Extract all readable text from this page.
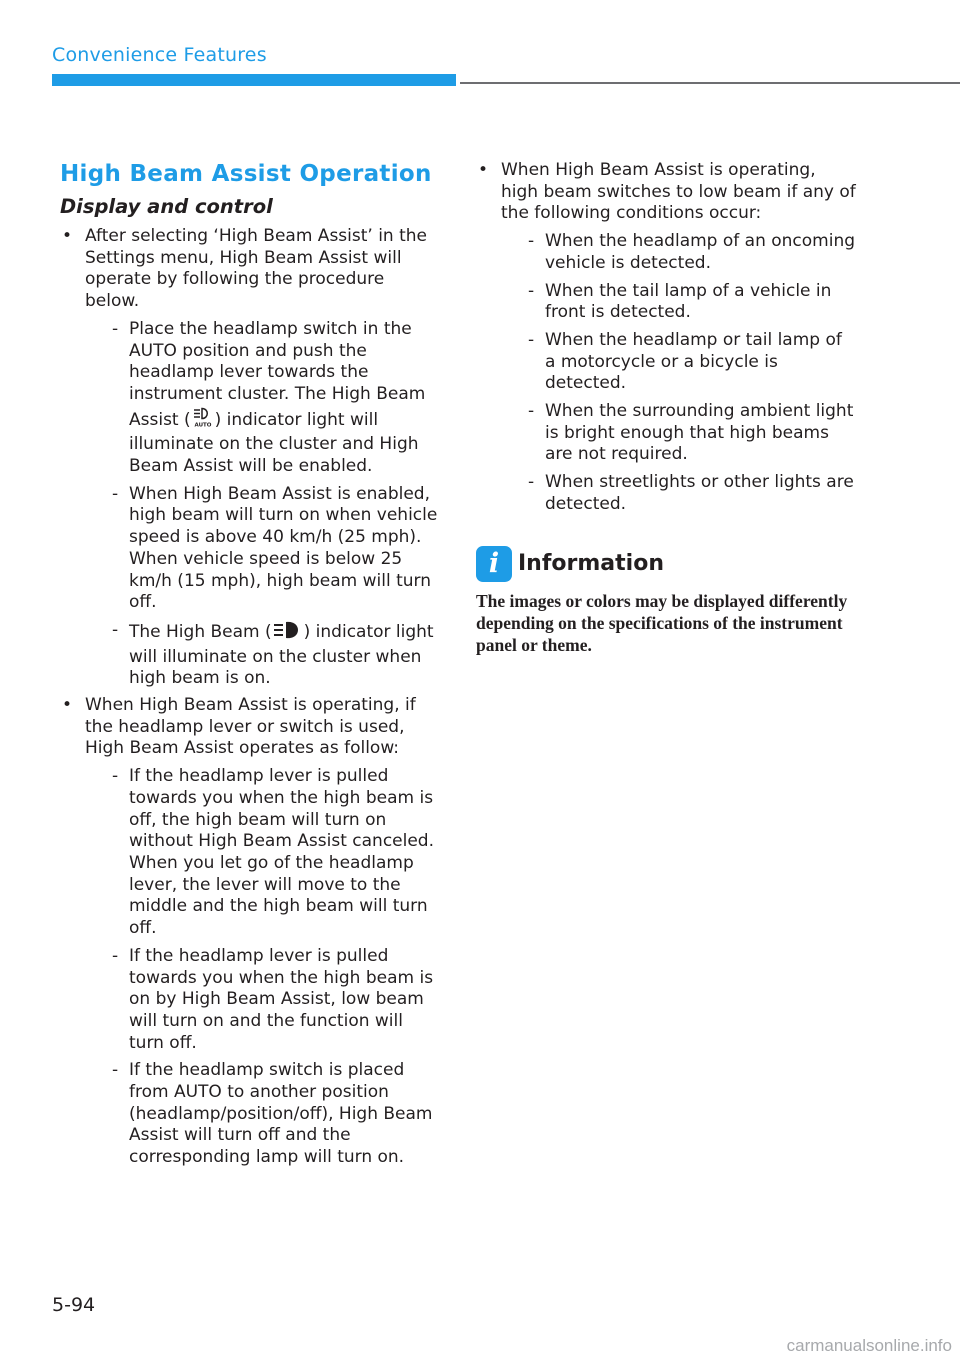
Convenience Features
High Beam Assist Operation
Display and control
• After selecting ‘High Beam Assist’ in the Settings menu, High Beam Assist will operate by following the procedure below.

- Place the headlamp switch in the AUTO position and push the headlamp lever towards the instrument cluster. The High Beam Assist ( AUTO ) indicator light will illuminate on the cluster and High Beam Assist will be enabled.

- When High Beam Assist is enabled, high beam will turn on when vehicle speed is above 40 km/h (25 mph). When vehicle speed is below 25 km/h (15 mph), high beam will turn off.

- The High Beam ( ) indicator light will illuminate on the cluster when high beam is on.

• When High Beam Assist is operating, if the headlamp lever or switch is used, High Beam Assist operates as follow:

- If the headlamp lever is pulled towards you when the high beam is off, the high beam will turn on without High Beam Assist canceled. When you let go of the headlamp lever, the lever will move to the middle and the high beam will turn off.

- If the headlamp lever is pulled towards you when the high beam is on by High Beam Assist, low beam will turn on and the function will turn off.

- If the headlamp switch is placed from AUTO to another position (headlamp/position/off), High Beam Assist will turn off and the corresponding lamp will turn on.

• When High Beam Assist is operating, high beam switches to low beam if any of the following conditions occur:

- When the headlamp of an oncoming vehicle is detected.

- When the tail lamp of a vehicle in front is detected.

- When the headlamp or tail lamp of a motorcycle or a bicycle is detected.

- When the surrounding ambient light is bright enough that high beams are not required.

- When streetlights or other lights are detected.

i Information
The images or colors may be displayed differently depending on the specifications of the instrument panel or theme.
5-94
carmanualsonline.info
